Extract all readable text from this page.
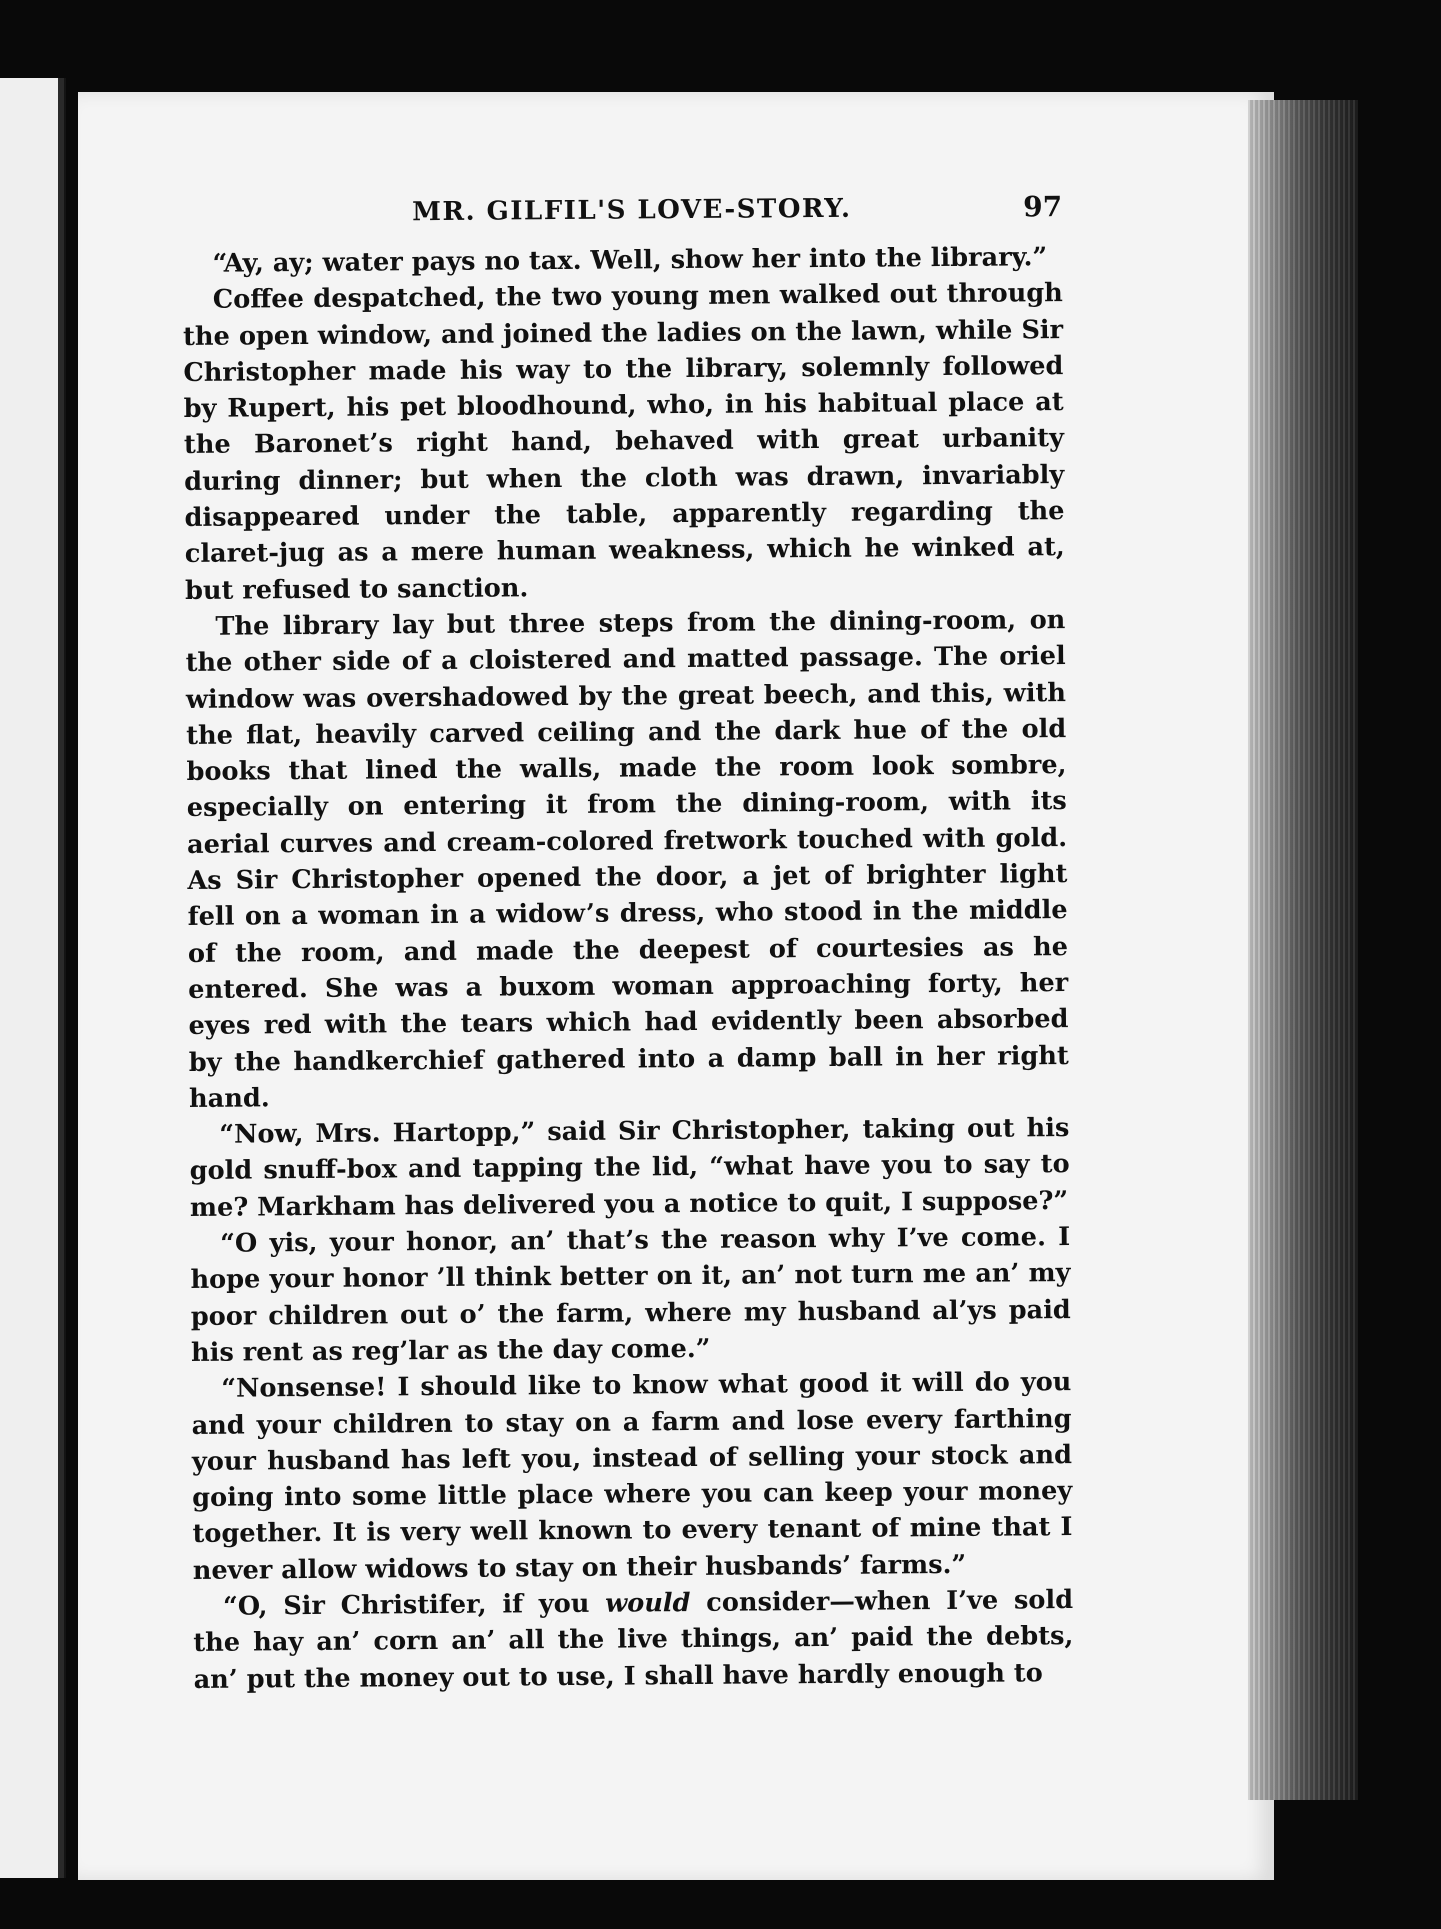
MR. GILFIL'S LOVE-STORY.	97

“Ay, ay; water pays no tax. Well, show her into the library.”

Coffee despatched, the two young men walked out through the open window, and joined the ladies on the lawn, while Sir Christopher made his way to the library, solemnly followed by Rupert, his pet bloodhound, who, in his habitual place at the Baronet’s right hand, behaved with great urbanity during dinner; but when the cloth was drawn, invariably disappeared under the table, apparently regarding the claret-jug as a mere human weakness, which he winked at, but refused to sanction.

The library lay but three steps from the dining-room, on the other side of a cloistered and matted passage. The oriel window was overshadowed by the great beech, and this, with the flat, heavily carved ceiling and the dark hue of the old books that lined the walls, made the room look sombre, especially on entering it from the dining-room, with its aerial curves and cream-colored fretwork touched with gold. As Sir Christopher opened the door, a jet of brighter light fell on a woman in a widow’s dress, who stood in the middle of the room, and made the deepest of courtesies as he entered. She was a buxom woman approaching forty, her eyes red with the tears which had evidently been absorbed by the handkerchief gathered into a damp ball in her right hand.

“Now, Mrs. Hartopp,” said Sir Christopher, taking out his gold snuff-box and tapping the lid, “what have you to say to me? Markham has delivered you a notice to quit, I suppose?”

“O yis, your honor, an’ that’s the reason why I’ve come. I hope your honor ’ll think better on it, an’ not turn me an’ my poor children out o’ the farm, where my husband al’ys paid his rent as reg’lar as the day come.”

“Nonsense! I should like to know what good it will do you and your children to stay on a farm and lose every farthing your husband has left you, instead of selling your stock and going into some little place where you can keep your money together. It is very well known to every tenant of mine that I never allow widows to stay on their husbands’ farms.”

“O, Sir Christifer, if you would consider—when I’ve sold the hay an’ corn an’ all the live things, an’ paid the debts, an’ put the money out to use, I shall have hardly enough to
